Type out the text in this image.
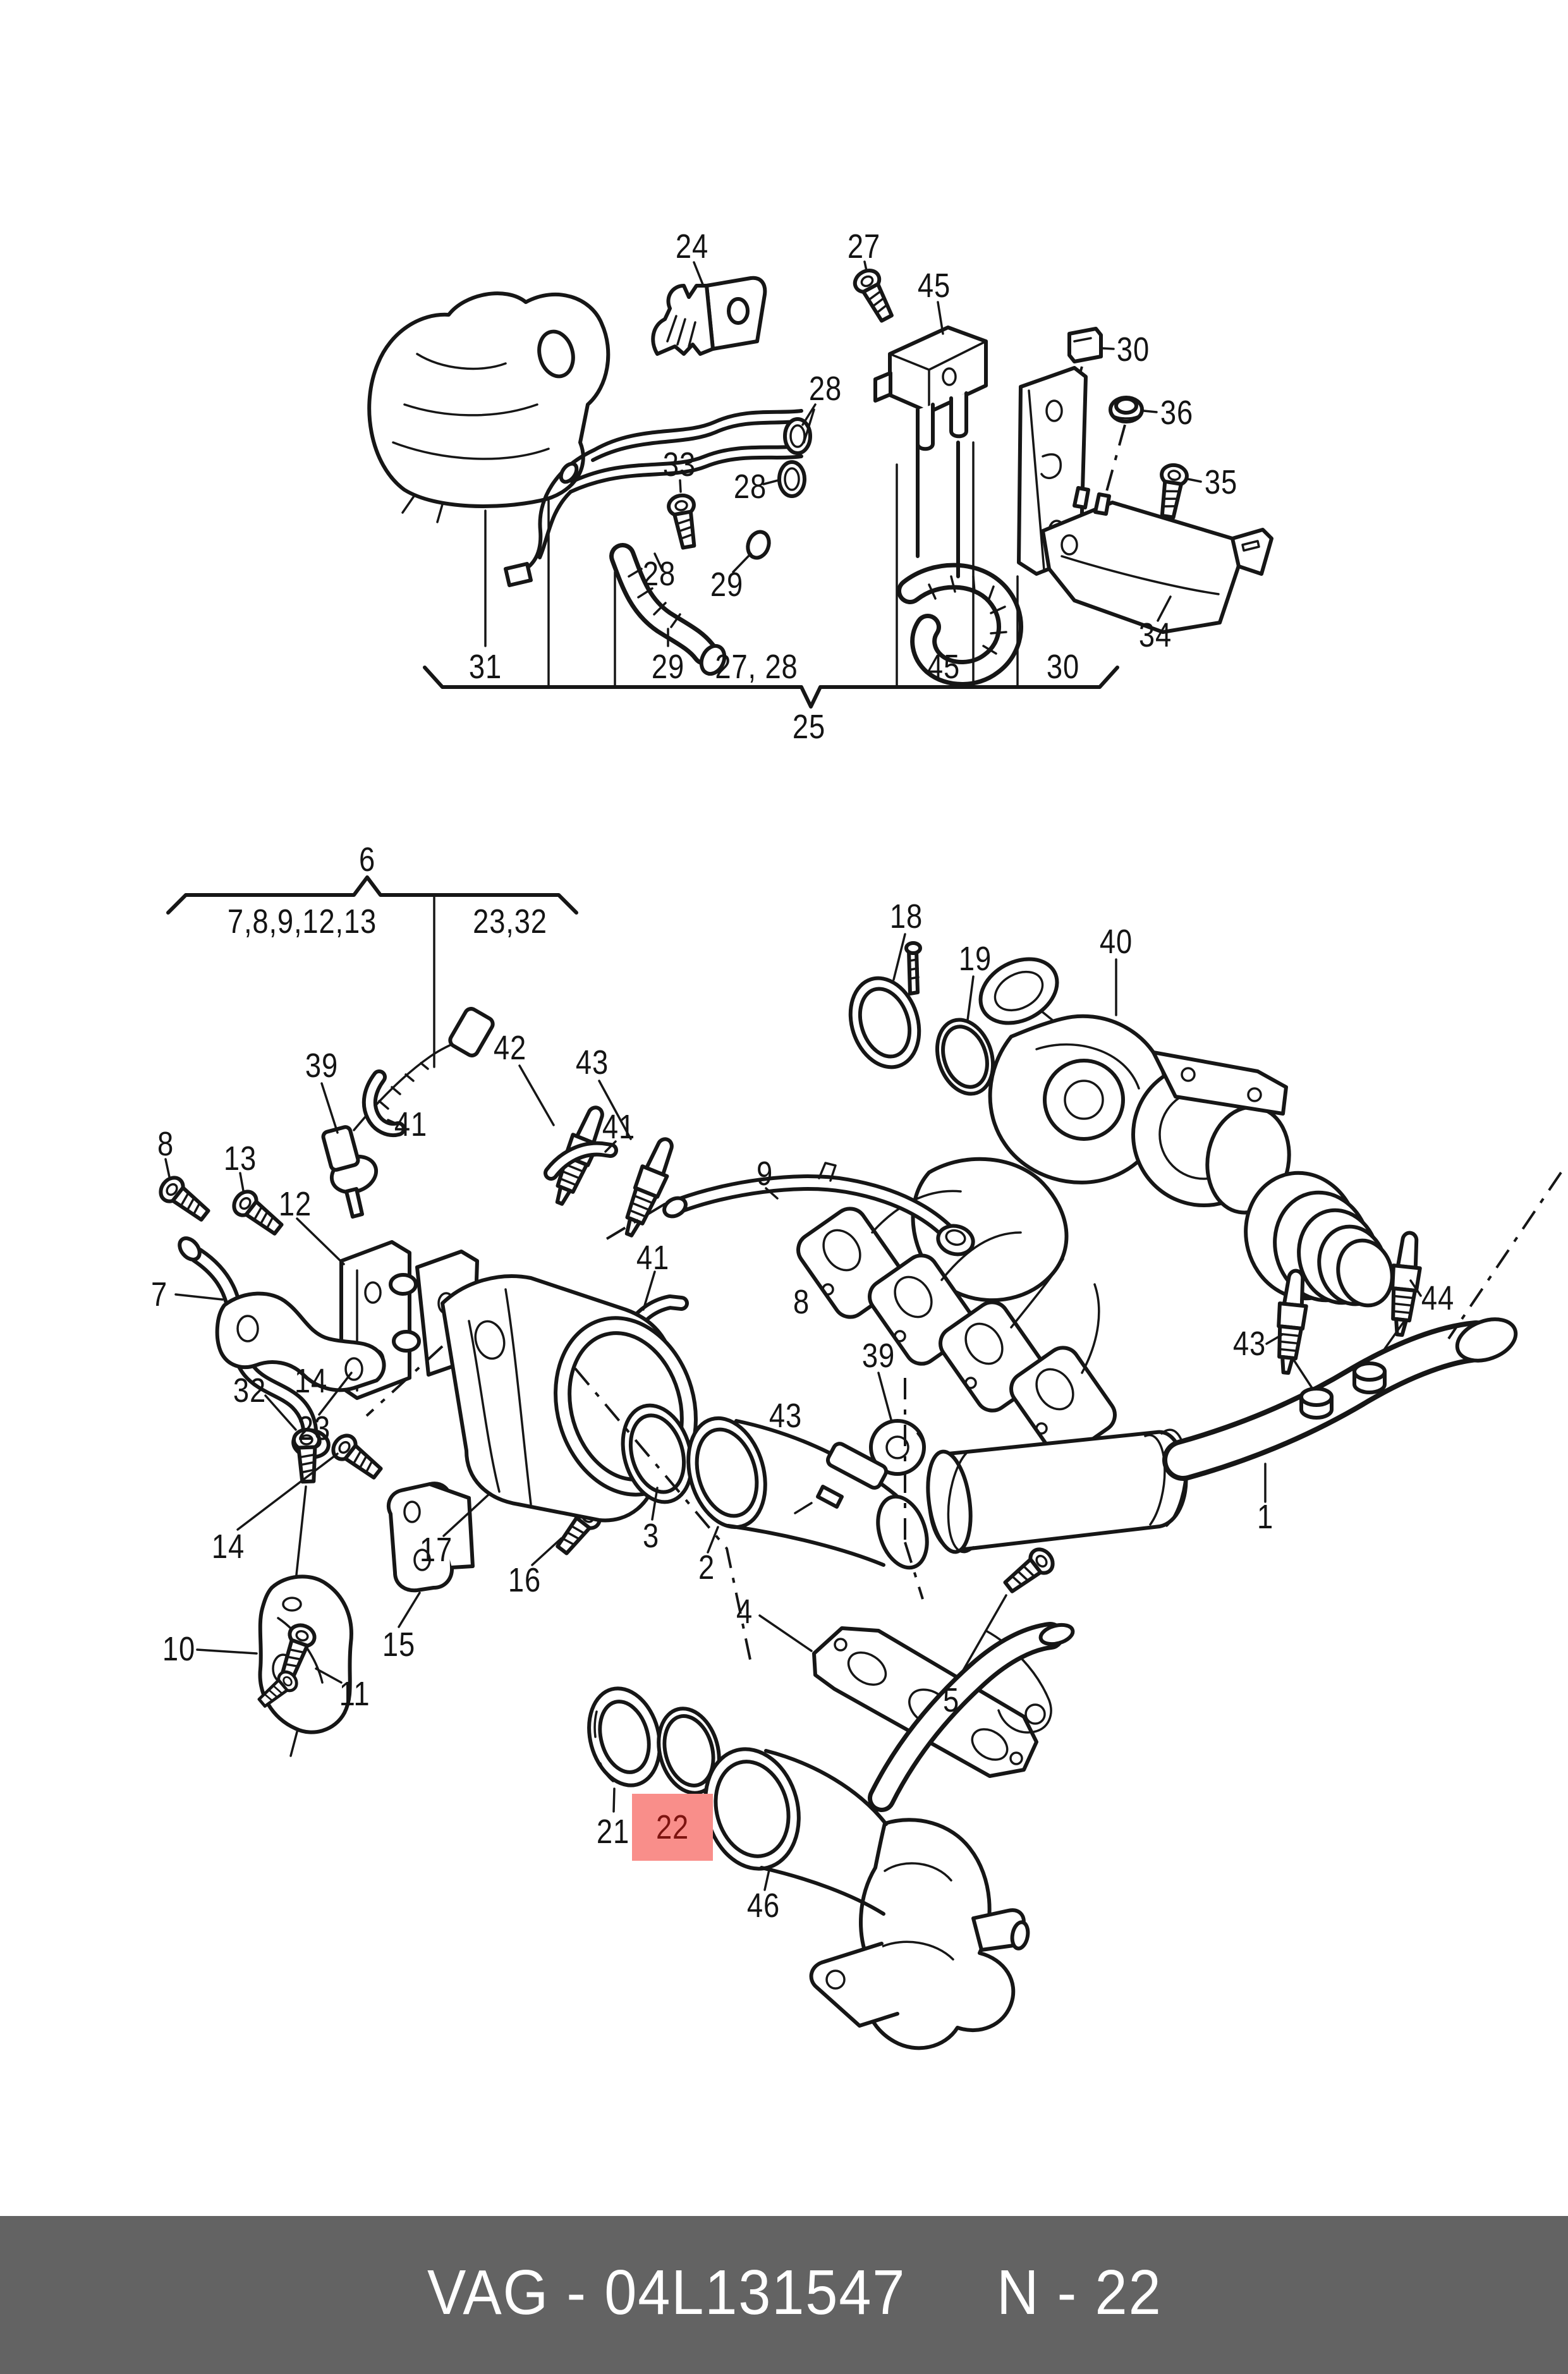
24	27
45
30
36
35
28
33
28
28 29
34
31	29 27, 28	45	30
25
6
7,8,9,12,13	23,32	18
19	40
39	42 43
41	41
8 13
12
9
41
7	8
43
44
39
32 14
43
23
1
3
14	17
16	2
4
15
10
5
11
21 22
46
VAG - 04L131547 N - 22
